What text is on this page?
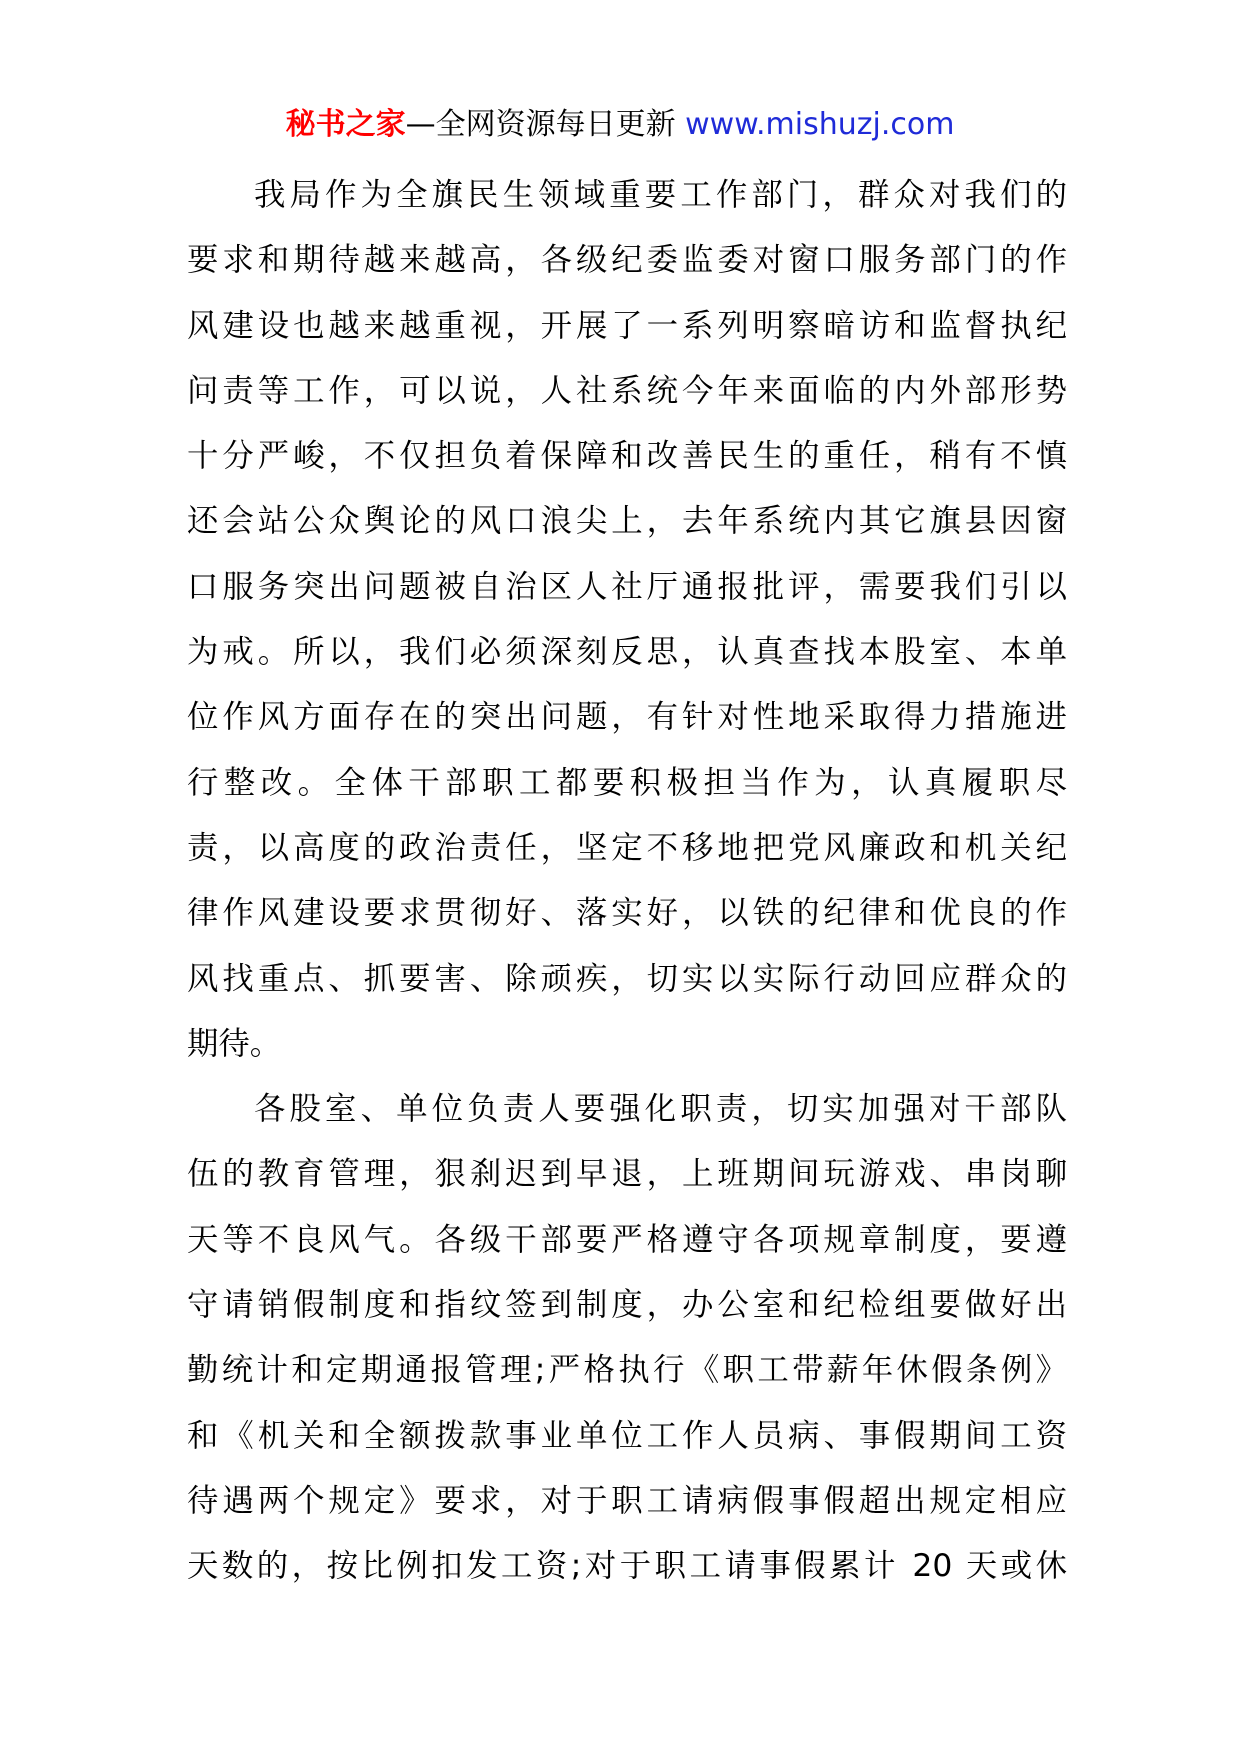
秘书之家—全网资源每日更新 www.mishuzj.com
我局作为全旗民生领域重要工作部门，群众对我们的
要求和期待越来越高，各级纪委监委对窗口服务部门的作
风建设也越来越重视，开展了一系列明察暗访和监督执纪
问责等工作，可以说，人社系统今年来面临的内外部形势
十分严峻，不仅担负着保障和改善民生的重任，稍有不慎
还会站公众舆论的风口浪尖上，去年系统内其它旗县因窗
口服务突出问题被自治区人社厅通报批评，需要我们引以
为戒。所以，我们必须深刻反思，认真查找本股室、本单
位作风方面存在的突出问题，有针对性地采取得力措施进
行整改。全体干部职工都要积极担当作为，认真履职尽
责，以高度的政治责任，坚定不移地把党风廉政和机关纪
律作风建设要求贯彻好、落实好，以铁的纪律和优良的作
风找重点、抓要害、除顽疾，切实以实际行动回应群众的
期待。
各股室、单位负责人要强化职责，切实加强对干部队
伍的教育管理，狠刹迟到早退，上班期间玩游戏、串岗聊
天等不良风气。各级干部要严格遵守各项规章制度，要遵
守请销假制度和指纹签到制度，办公室和纪检组要做好出
勤统计和定期通报管理;严格执行《职工带薪年休假条例》
和《机关和全额拨款事业单位工作人员病、事假期间工资
待遇两个规定》要求，对于职工请病假事假超出规定相应
天数的，按比例扣发工资;对于职工请事假累计 20 天或休
